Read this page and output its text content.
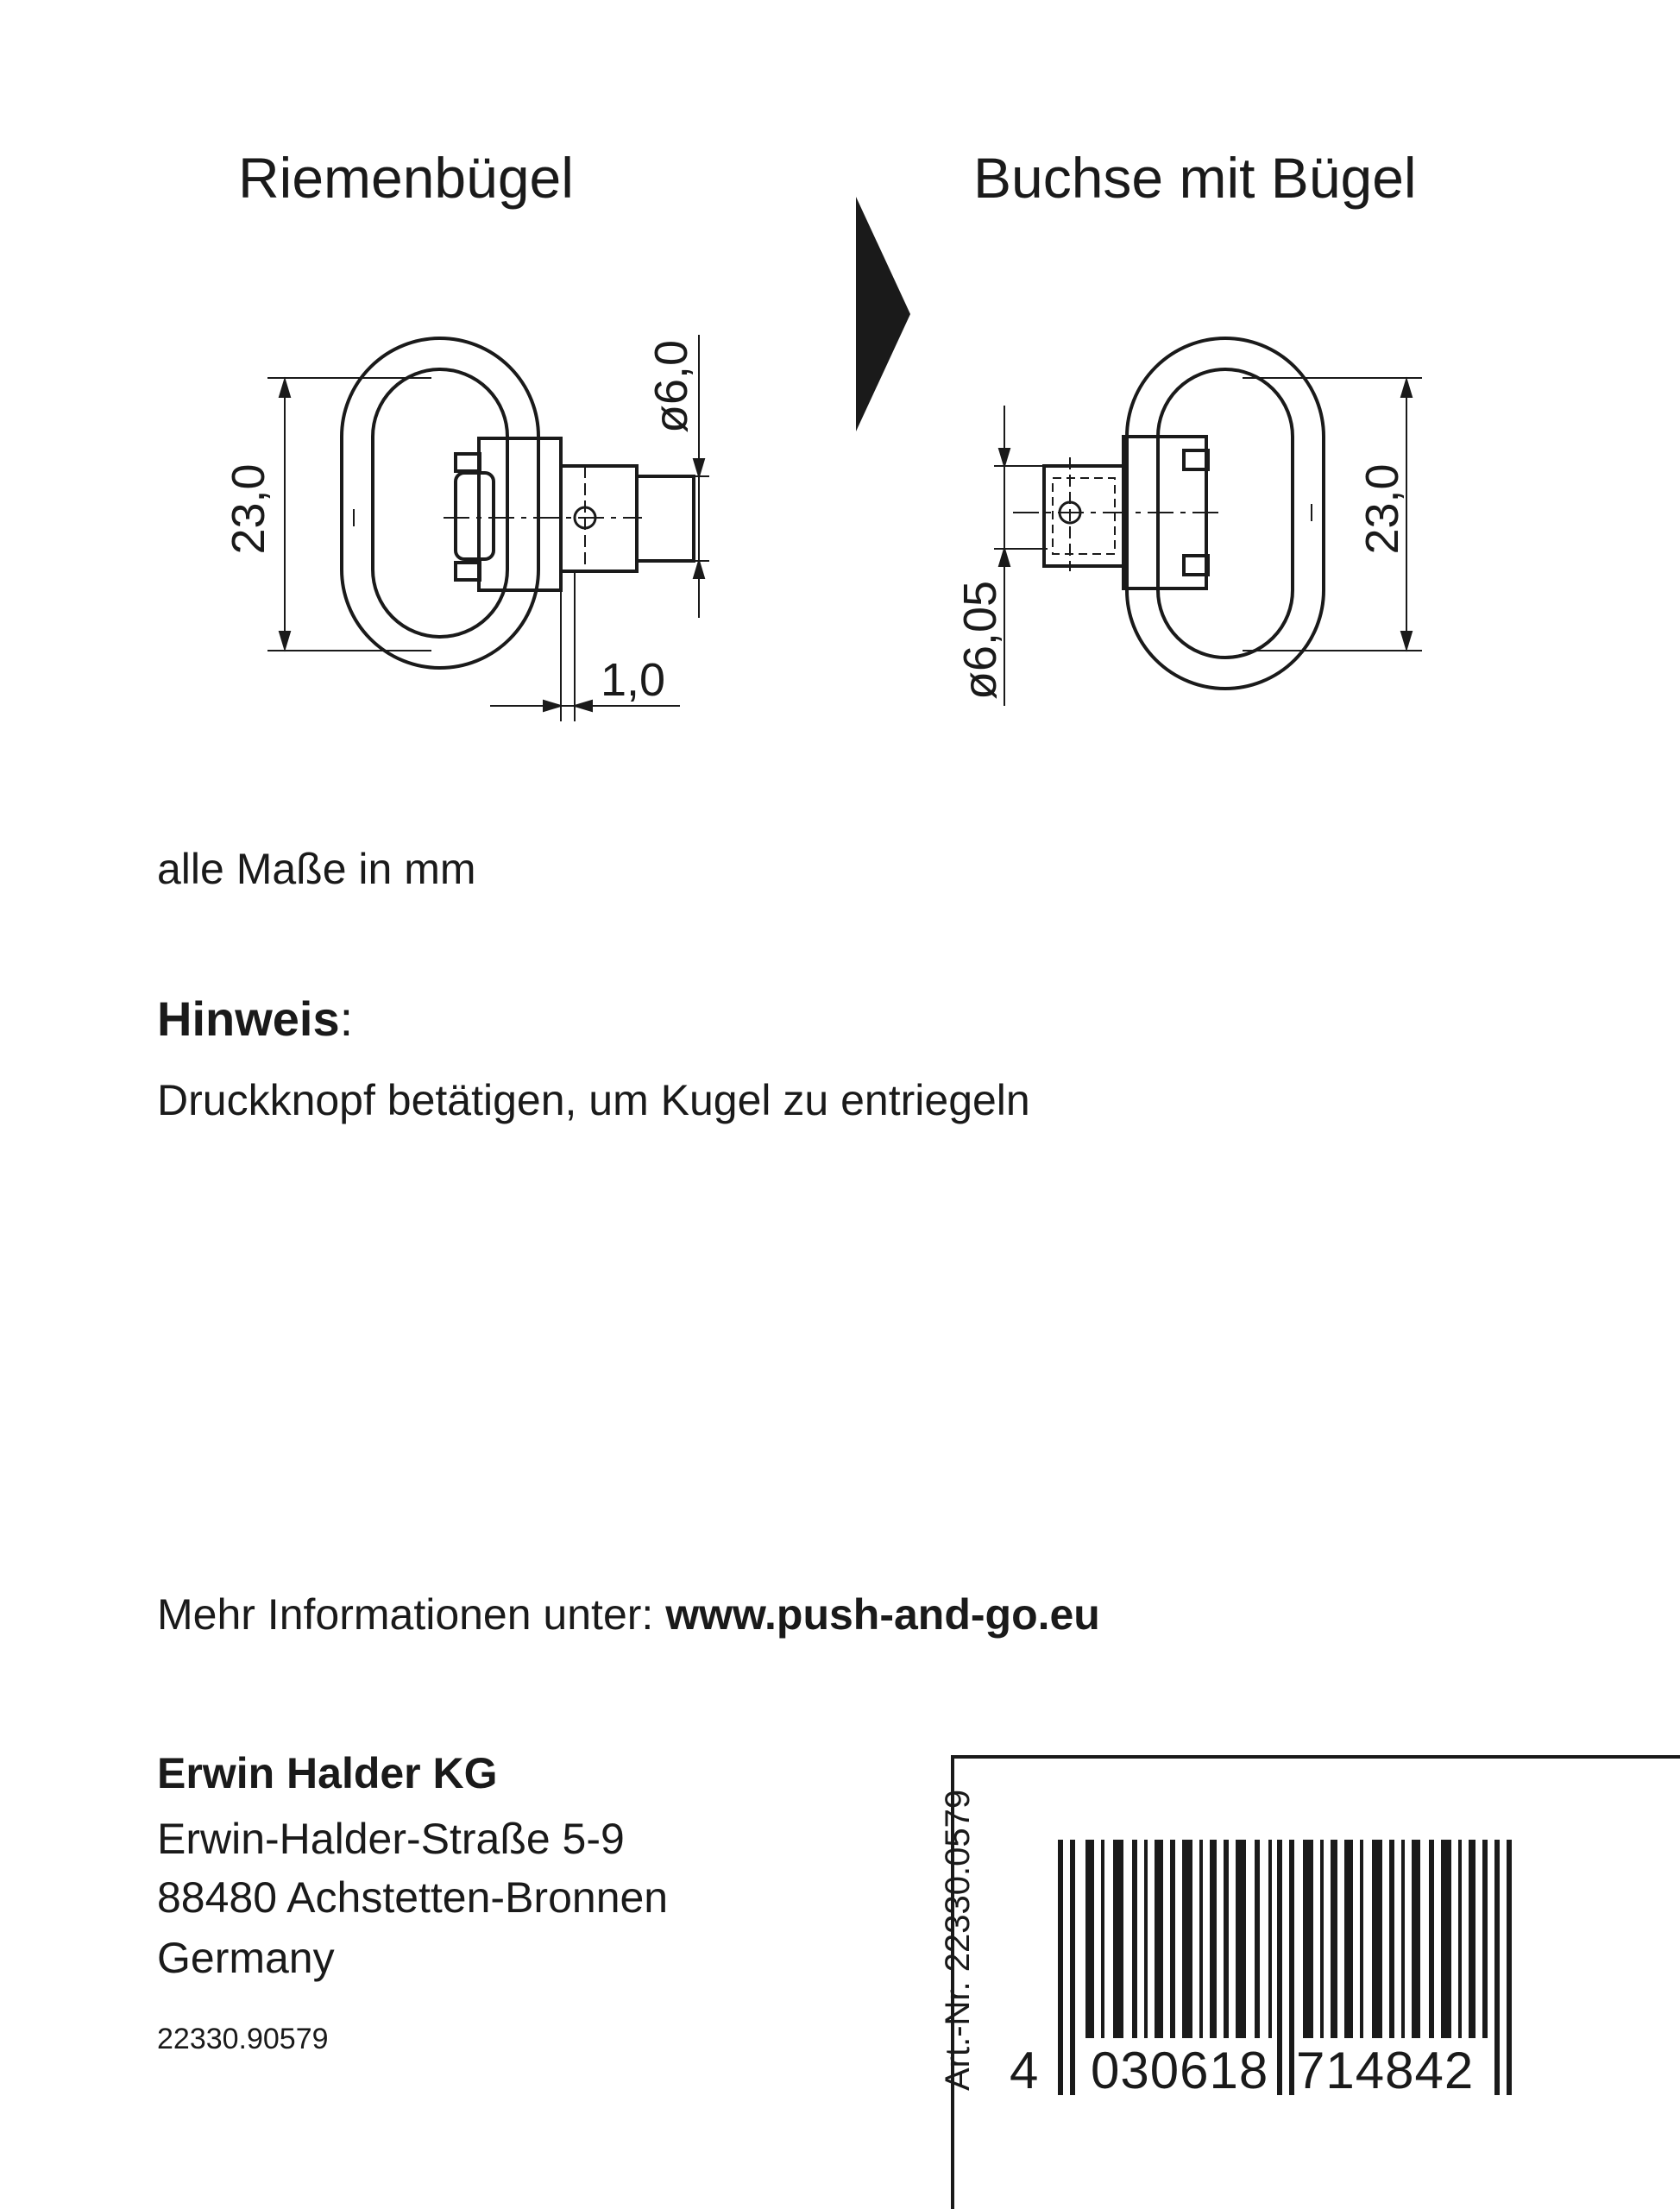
Riemenbügel	Buchse mit Bügel
23,0
ø6,0
1,0
23,0
ø6,05
alle Maße in mm
Hinweis:
Druckknopf betätigen, um Kugel zu entriegeln
Mehr Informationen unter: www.push-and-go.eu
Erwin Halder KG
Erwin-Halder-Straße 5-9
88480 Achstetten-Bronnen
Germany
22330.90579	Art.-Nr. 22330.0579 4 030618 714842
